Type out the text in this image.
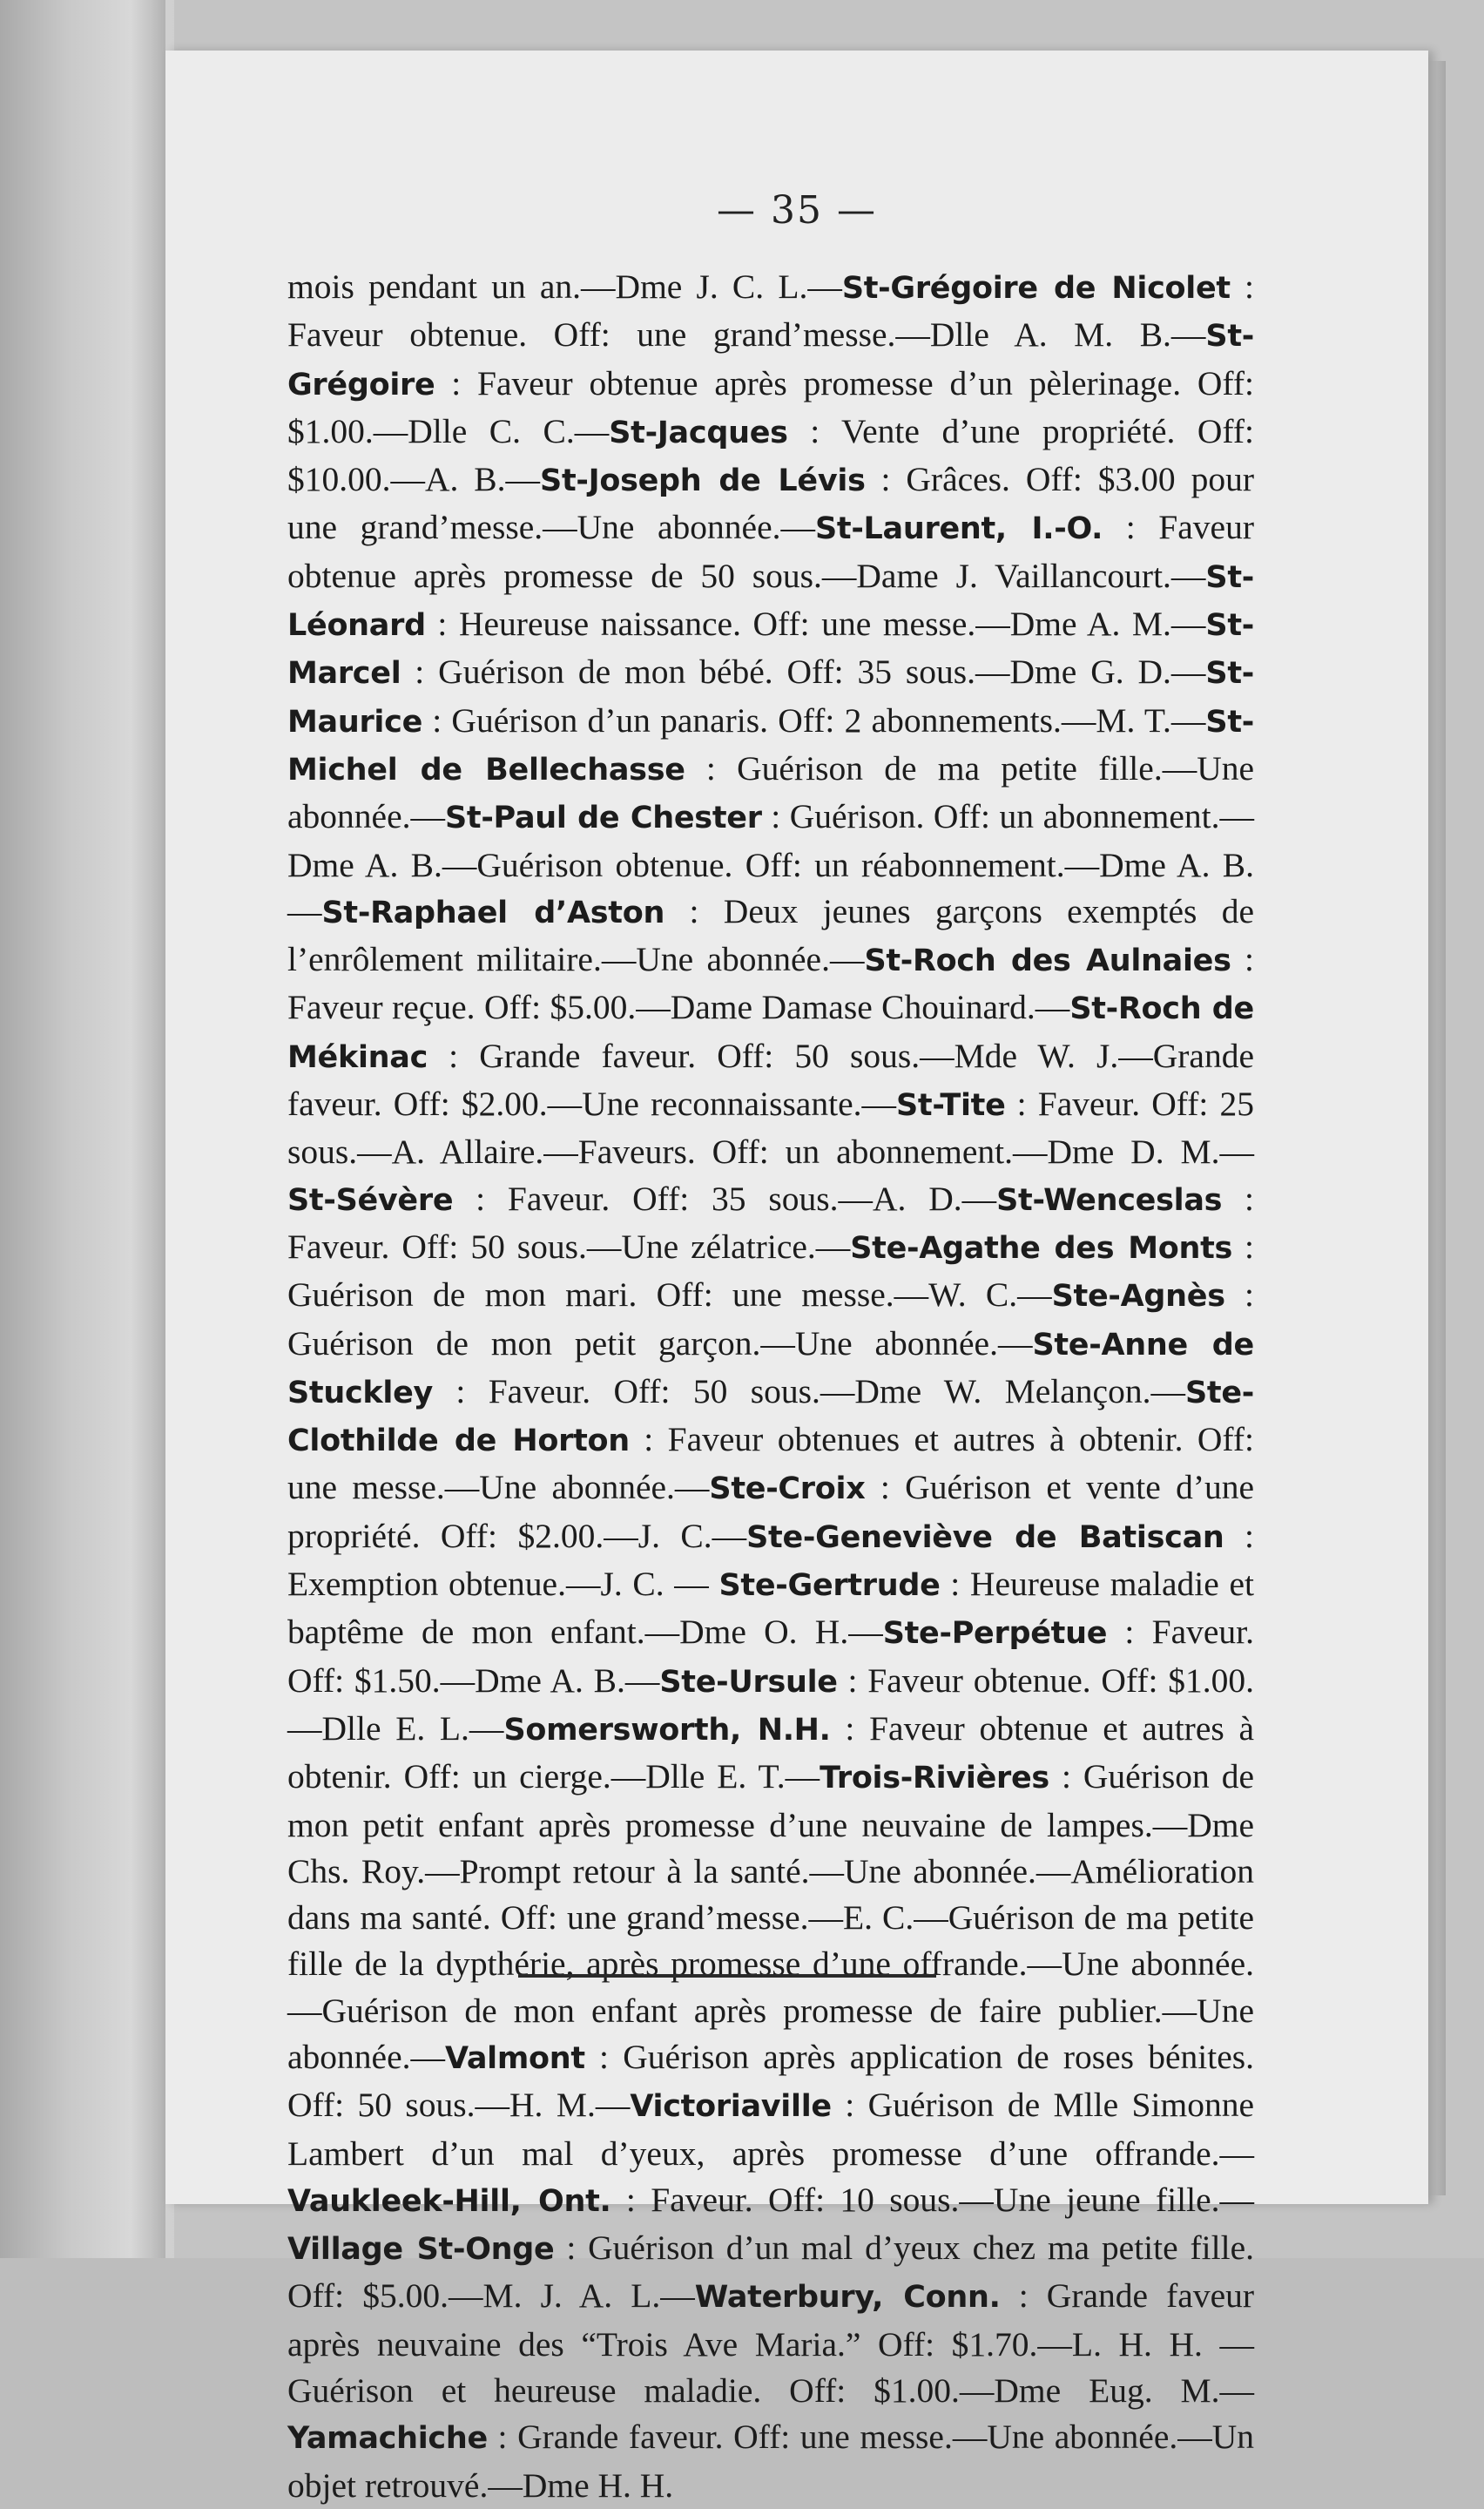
— 35 —
mois pendant un an.—Dme J. C. L.—St-Grégoire de Nicolet : Faveur obtenue. Off: une grand’messe.—Dlle A. M. B.—St-Grégoire : Faveur obtenue après promesse d’un pèlerinage. Off: $1.00.—Dlle C. C.—St-Jacques : Vente d’une propriété. Off: $10.00.—A. B.—St-Joseph de Lévis : Grâces. Off: $3.00 pour une grand’messe.—Une abonnée.—St-Laurent, I.-O. : Faveur obtenue après promesse de 50 sous.—Dame J. Vaillancourt.—St-Léonard : Heureuse naissance. Off: une messe.—Dme A. M.—St-Marcel : Guérison de mon bébé. Off: 35 sous.—Dme G. D.—St-Maurice : Guérison d’un panaris. Off: 2 abonnements.—M. T.—St-Michel de Bellechasse : Guérison de ma petite fille.—Une abonnée.—St-Paul de Chester : Guérison. Off: un abonnement.—Dme A. B.—Guérison obtenue. Off: un réabonnement.—Dme A. B.—St-Raphael d’Aston : Deux jeunes garçons exemptés de l’enrôlement militaire.—Une abonnée.—St-Roch des Aulnaies : Faveur reçue. Off: $5.00.—Dame Damase Chouinard.—St-Roch de Mékinac : Grande faveur. Off: 50 sous.—Mde W. J.—Grande faveur. Off: $2.00.—Une reconnaissante.—St-Tite : Faveur. Off: 25 sous.—A. Allaire.—Faveurs. Off: un abonnement.—Dme D. M.—St-Sévère : Faveur. Off: 35 sous.—A. D.—St-Wenceslas : Faveur. Off: 50 sous.—Une zélatrice.—Ste-Agathe des Monts : Guérison de mon mari. Off: une messe.—W. C.—Ste-Agnès : Guérison de mon petit garçon.—Une abonnée.—Ste-Anne de Stuckley : Faveur. Off: 50 sous.—Dme W. Melançon.—Ste-Clothilde de Horton : Faveur obtenues et autres à obtenir. Off: une messe.—Une abonnée.—Ste-Croix : Guérison et vente d’une propriété. Off: $2.00.—J. C.—Ste-Geneviève de Batiscan : Exemption obtenue.—J. C. — Ste-Gertrude : Heureuse maladie et baptême de mon enfant.—Dme O. H.—Ste-Perpétue : Faveur. Off: $1.50.—Dme A. B.—Ste-Ursule : Faveur obtenue. Off: $1.00.—Dlle E. L.—Somersworth, N.H. : Faveur obtenue et autres à obtenir. Off: un cierge.—Dlle E. T.—Trois-Rivières : Guérison de mon petit enfant après promesse d’une neuvaine de lampes.—Dme Chs. Roy.—Prompt retour à la santé.—Une abonnée.—Amélioration dans ma santé. Off: une grand’messe.—E. C.—Guérison de ma petite fille de la dypthérie, après promesse d’une offrande.—Une abonnée.—Guérison de mon enfant après promesse de faire publier.—Une abonnée.—Valmont : Guérison après application de roses bénites. Off: 50 sous.—H. M.—Victoriaville : Guérison de Mlle Simonne Lambert d’un mal d’yeux, après promesse d’une offrande.—Vaukleek-Hill, Ont. : Faveur. Off: 10 sous.—Une jeune fille.—Village St-Onge : Guérison d’un mal d’yeux chez ma petite fille. Off: $5.00.—M. J. A. L.—Waterbury, Conn. : Grande faveur après neuvaine des “Trois Ave Maria.” Off: $1.70.—L. H. H. —Guérison et heureuse maladie. Off: $1.00.—Dme Eug. M.—Yamachiche : Grande faveur. Off: une messe.—Une abonnée.—Un objet retrouvé.—Dme H. H.
